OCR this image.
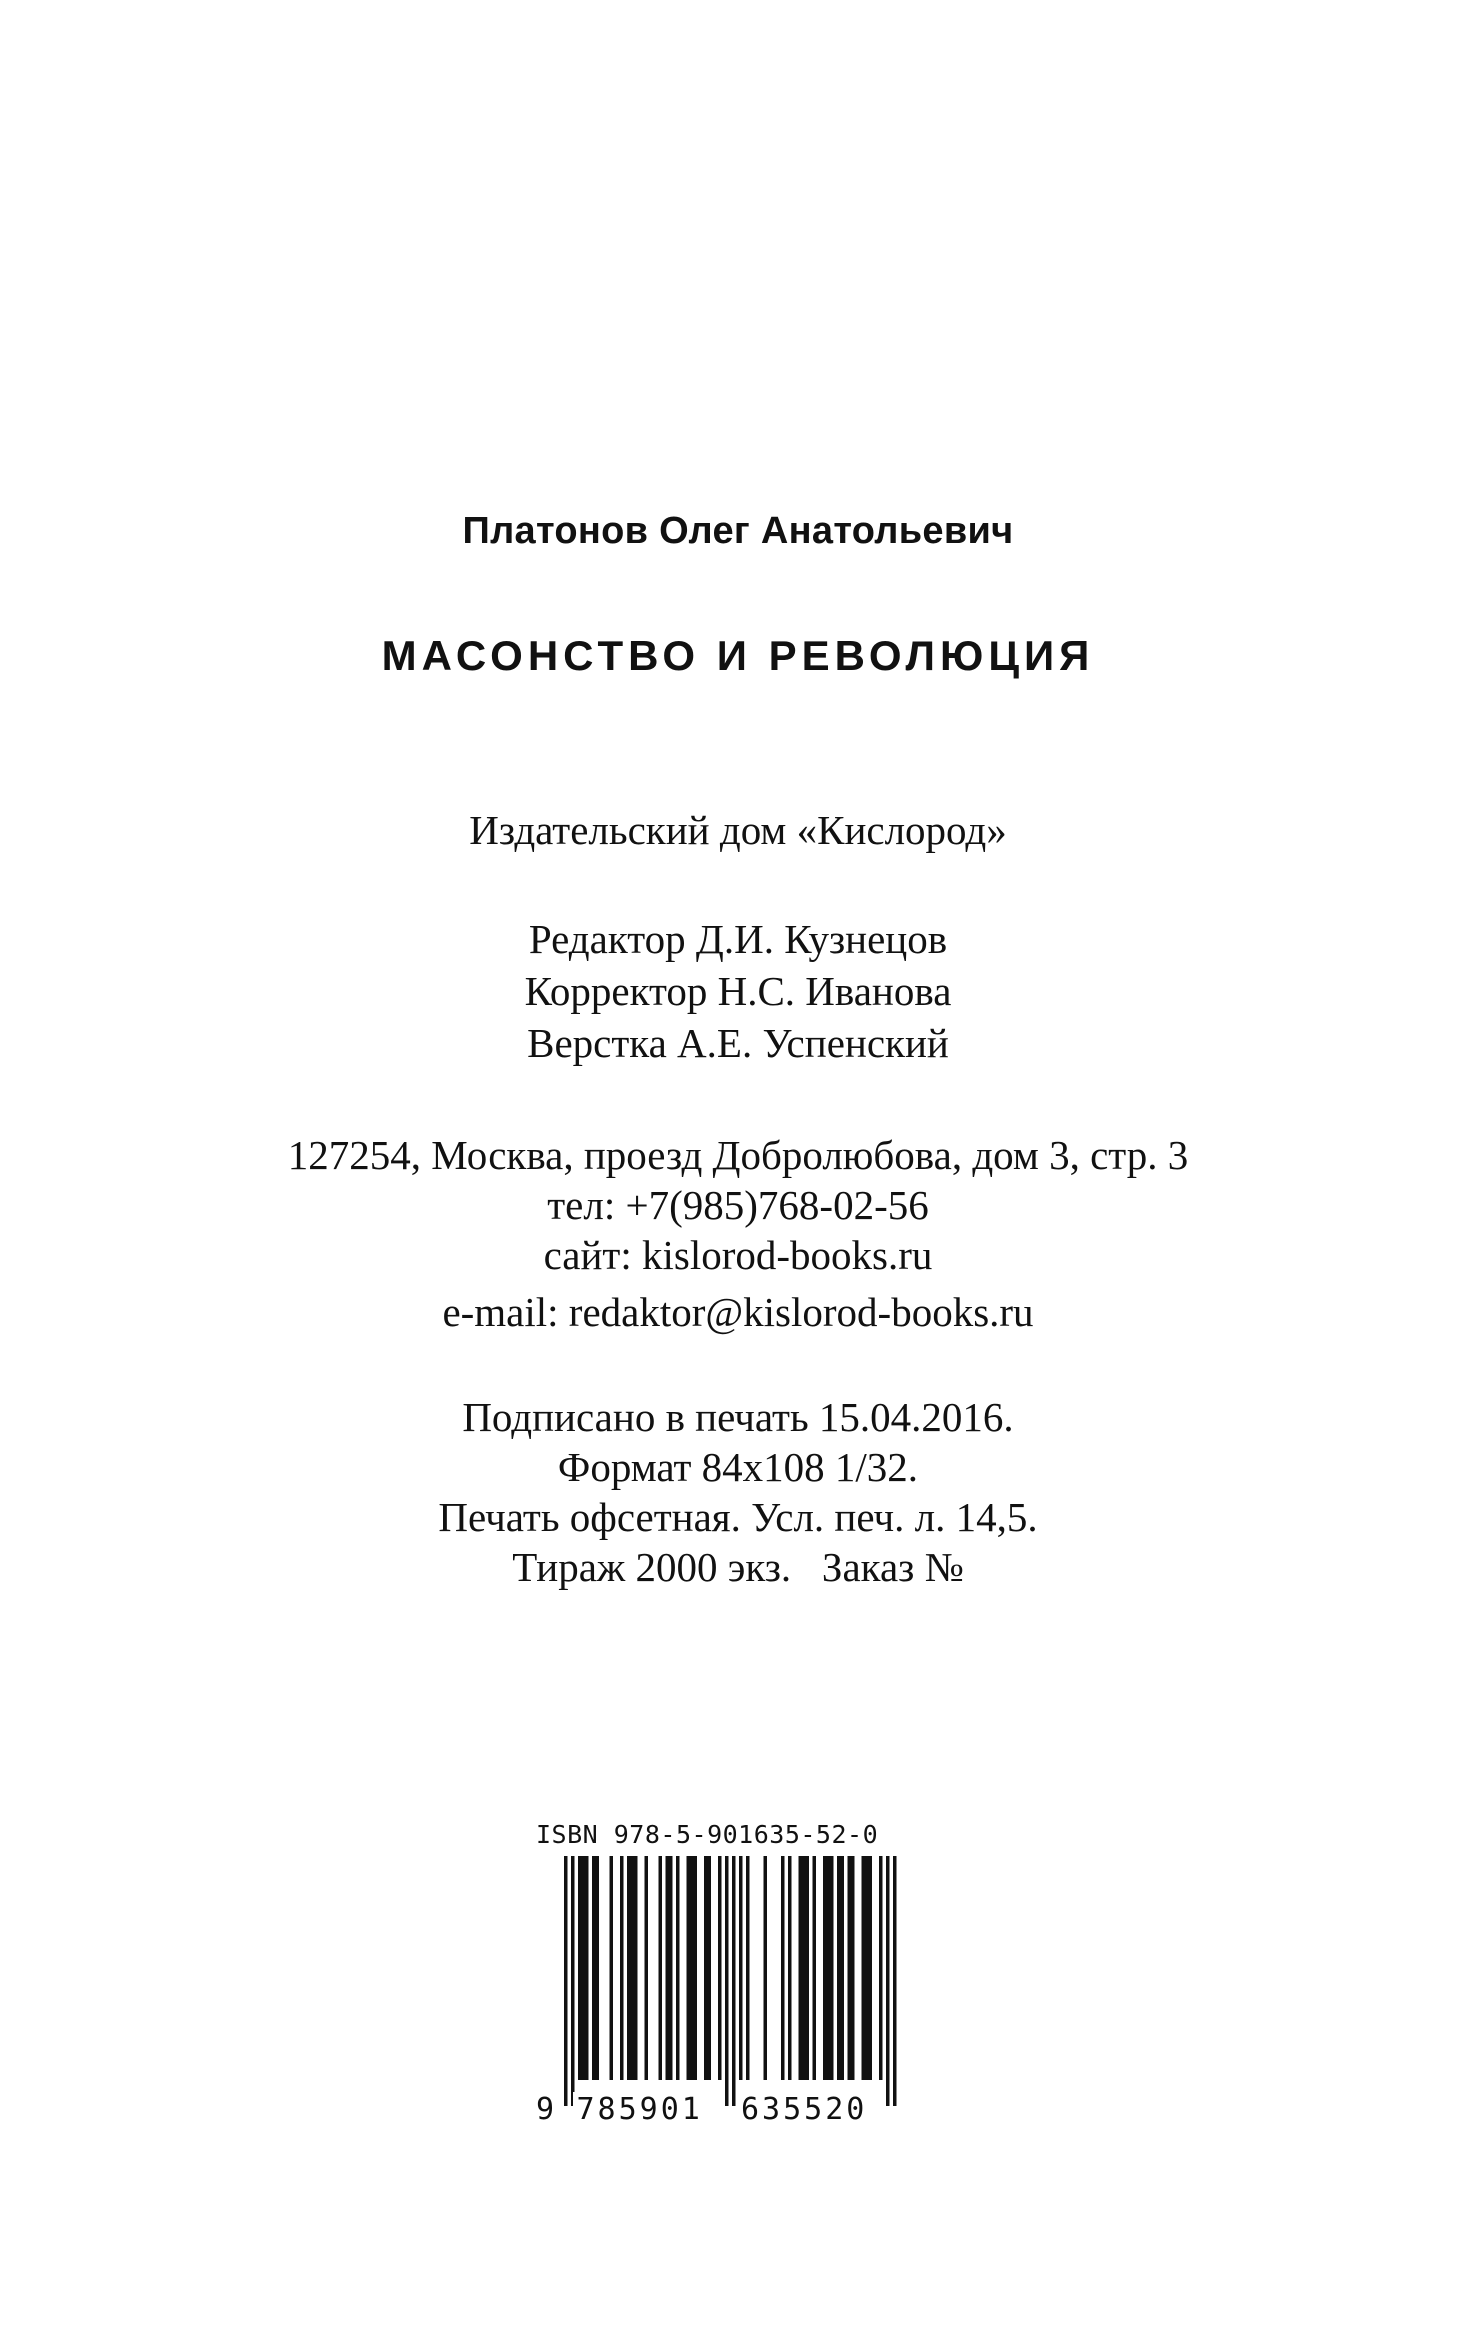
Платонов Олег Анатольевич
МАСОНСТВО И РЕВОЛЮЦИЯ
Издательский дом «Кислород»
Редактор Д.И. Кузнецов
Корректор Н.С. Иванова
Верстка А.Е. Успенский
127254, Москва, проезд Добролюбова, дом 3, стр. 3
тел: +7(985)768-02-56
сайт: kislorod-books.ru
e-mail: redaktor@kislorod-books.ru
Подписано в печать 15.04.2016.
Формат 84x108 1/32.
Печать офсетная. Усл. печ. л. 14,5.
Тираж 2000 экз.   Заказ №
ISBN 978-5-901635-52-0
9 785901 635520
